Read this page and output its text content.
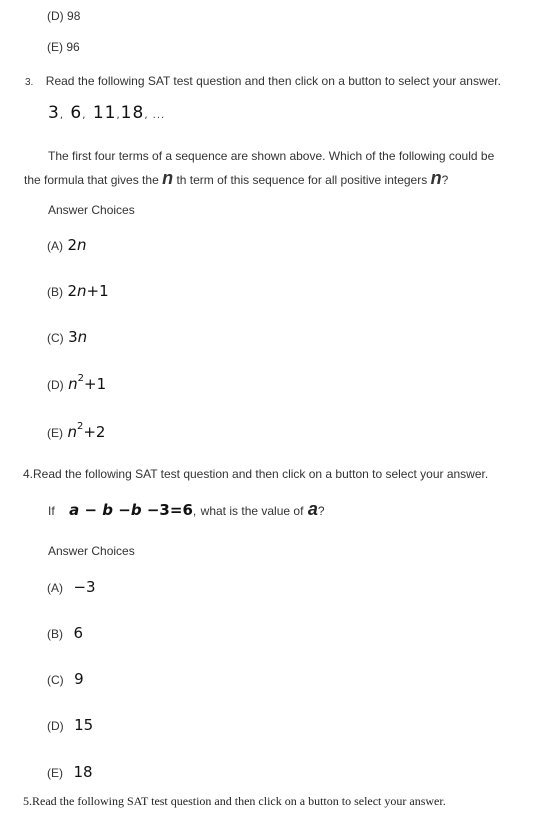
(D) 98
(E) 96
3. Read the following SAT test question and then click on a button to select your answer.
3, 6, 11,18, ...
The first four terms of a sequence are shown above. Which of the following could be
the formula that gives the n th term of this sequence for all positive integers n?
Answer Choices
(A) 2n
(B) 2n+1
(C) 3n
(D) $n^2+1$
(E) $n^2+2$
4.Read the following SAT test question and then click on a button to select your answer.
If a − b −b −3=6, what is the value of a?
Answer Choices
(A) −3
(B) 6
(C) 9
(D) 15
(E) 18
5.Read the following SAT test question and then click on a button to select your answer.
